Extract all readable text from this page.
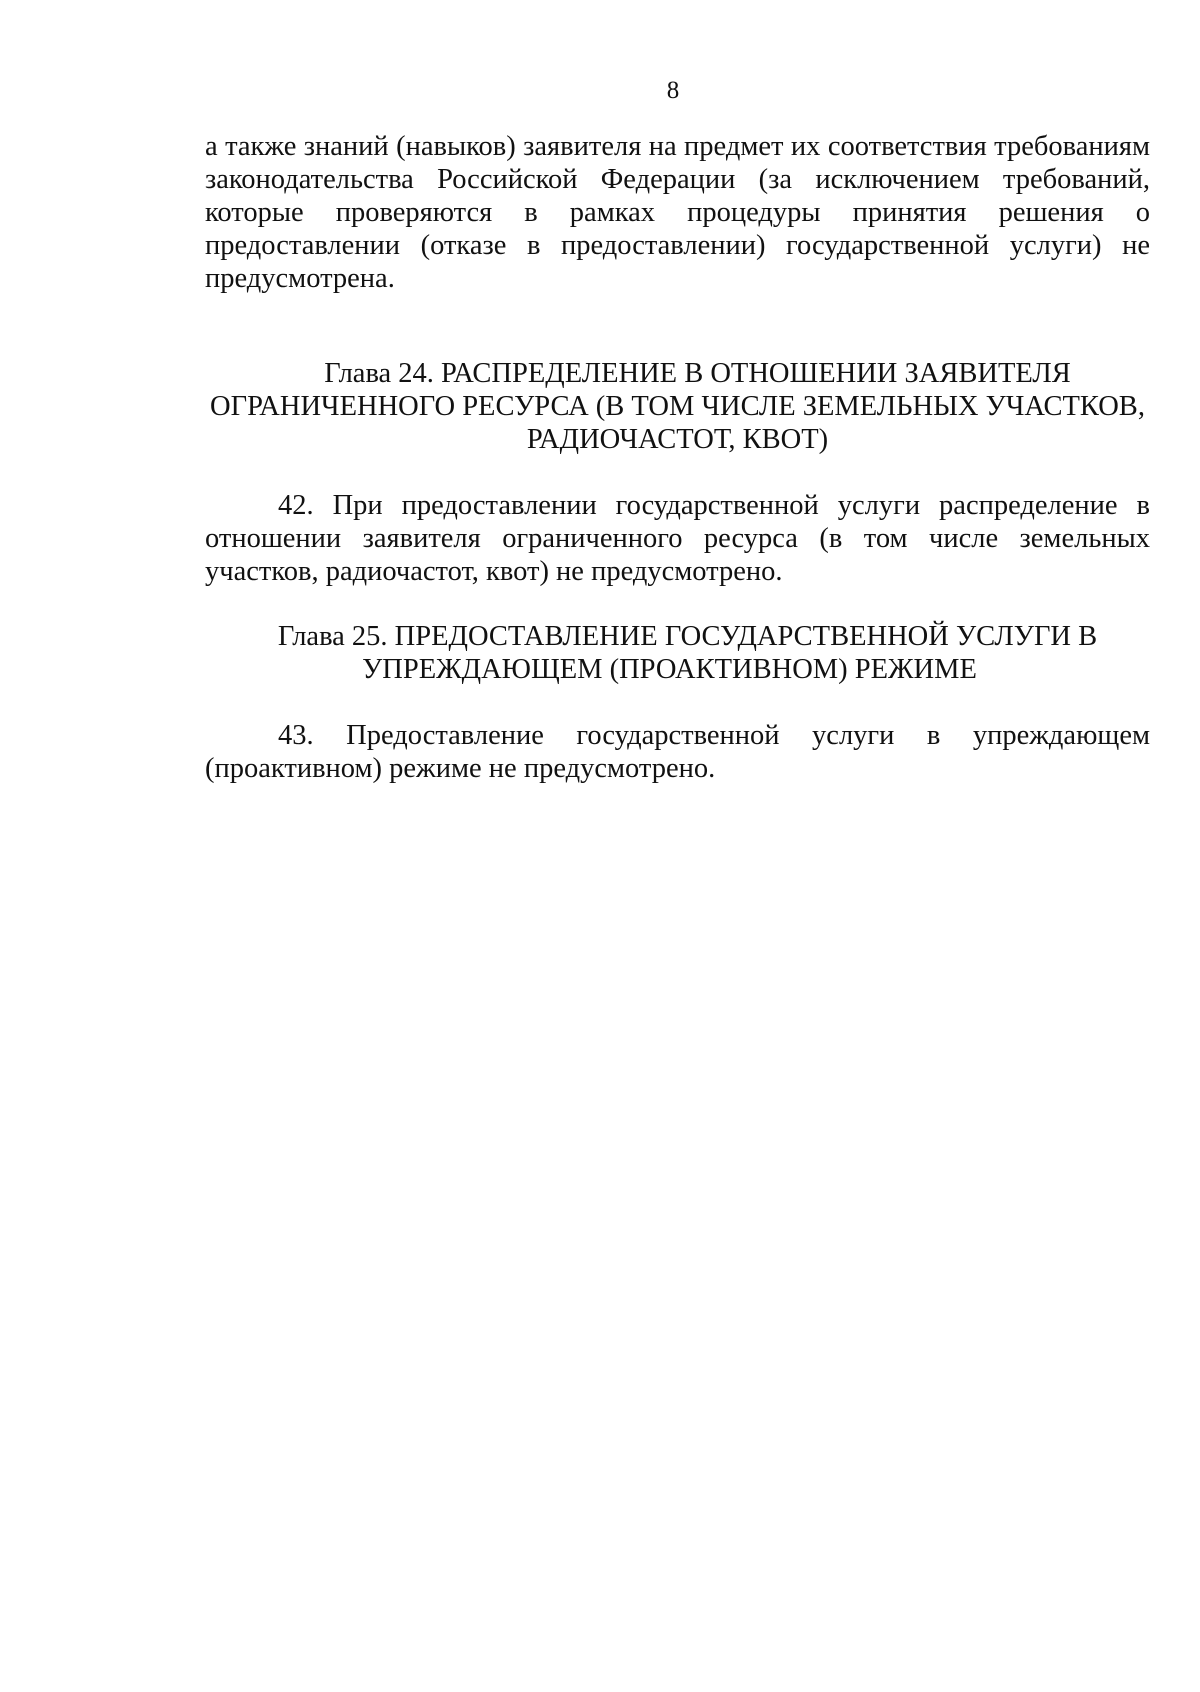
8
а также знаний (навыков) заявителя на предмет их соответствия требованиям
законодательства Российской Федерации (за исключением требований,
которые проверяются в рамках процедуры принятия решения о
предоставлении (отказе в предоставлении) государственной услуги) не
предусмотрена.
Глава 24. РАСПРЕДЕЛЕНИЕ В ОТНОШЕНИИ ЗАЯВИТЕЛЯ
ОГРАНИЧЕННОГО РЕСУРСА (В ТОМ ЧИСЛЕ ЗЕМЕЛЬНЫХ УЧАСТКОВ,
РАДИОЧАСТОТ, КВОТ)
42. При предоставлении государственной услуги распределение в
отношении заявителя ограниченного ресурса (в том числе земельных
участков, радиочастот, квот) не предусмотрено.
Глава 25. ПРЕДОСТАВЛЕНИЕ ГОСУДАРСТВЕННОЙ УСЛУГИ В
УПРЕЖДАЮЩЕМ (ПРОАКТИВНОМ) РЕЖИМЕ
43. Предоставление государственной услуги в упреждающем
(проактивном) режиме не предусмотрено.
